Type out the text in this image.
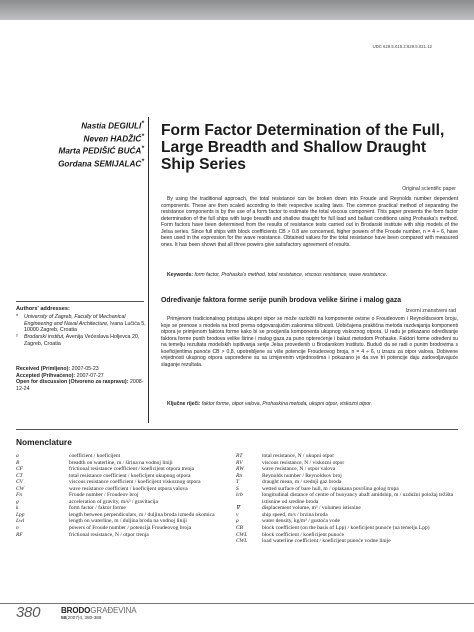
UDC 629.5.015.2:629.5.021.12
Nastia DEGIULI*
Neven HADŽIĆ*
Marta PEDIŠIĆ BUĆA*
Gordana SEMIJALAC*
Form Factor Determination of the Full, Large Breadth and Shallow Draught Ship Series
Original scientific paper
By using the traditional approach, the total resistance can be broken down into Froude and Reynolds number dependent components. These are then scaled according to their respective scaling laws. The common practical method of separating the resistance components is by the use of a form factor to estimate the total viscous component. This paper presents the form factor determination of the full ships with large breadth and shallow draught for full load and ballast conditions using Prohaska's method. Form factors have been determined from the results of resistance tests carried out in Brodarski institute with ship models of the Jelsa series. Since full ships with block coefficients CB > 0.8 are concerned, higher powers of the Froude number, n = 4 ÷ 6, have been used in the expression for the wave resistance. Obtained values for the total resistance have been compared with measured ones. It has been shown that all three powers give satisfactory agreement of results.
Keywords: form factor, Prohaska's method, total resistance, viscous resistance, wave resistance.
Određivanje faktora forme serije punih brodova velike širine i malog gaza
Izvorni znanstveni rad
Primjenom tradicionalnog pristupa ukupni otpor se može razložiti na komponente ovisne o Froudeovom i Reynoldsovom broju, koje se prenose s modela na brod prema odgovarajućim zakonima sličnosti. Uobičajena praktična metoda razdvajanja komponenti otpora je primjenom faktora forme kako bi se procijenila komponenta ukupnog viskoznog otpora. U radu je prikazano određivanje faktora forme punih brodova velike širine i malog gaza za puno opterećenje i balast metodom Prohaske. Faktori forme određeni su na temelju rezultata modelskih ispitivanja serije Jelsa provedenih u Brodarskom institutu. Budući da se radi o punim brodovima s koeficijentima punoće CB > 0,8, upotrebljene su više potencije Froudeovog broja, n = 4 ÷ 6, u izrazu za otpor valova. Dobivene vrijednosti ukupnog otpora uspoređene su sa izmjerenim vrijednostima i pokazano je da sve tri potencije daju zadovoljavajuće slaganje rezultata.
Ključne riječi: faktor forme, otpor valova, Prohaskina metoda, ukupni otpor, viskozni otpor.
Authors' addresses:
*	University of Zagreb, Faculty of Mechanical Engineering and Naval Architecture, Ivana Lučića 5, 10000 Zagreb, Croatia
²	Brodarski institut, Avenija Većeslava Holjevca 20, Zagreb, Croatia
Received (Primljeno): 2007-05-23
Accepted (Prihvaćeno): 2007-07-27
Open for discussion (Otvoreno za raspravu): 2008-12-24
Nomenclature
a	coefficient / koeficijent
B	breadth on waterline, m / širina na vodnoj liniji
CF	frictional resistance coefficient / koeficijent otpora trenja
CT	total resistance coefficient / koeficijent ukupnog otpora
CV	viscous resistance coefficient / koeficijent viskoznog otpora
CW	wave resistance coefficient / koeficijent otpora valova
Fn	Froude number / Froudeov broj
g	acceleration of gravity, m/s² / gravitacija
k	form factor / faktor forme
Lpp	length between perpendiculars, m / duljina broda između okomica
Lwl	length on waterline, m / duljina broda na vodnoj liniji
n	powers of Froude number / potencija Froudeovog broja
RF	frictional resistance, N / otpor trenja
RT	total resistance, N / ukupni otpor
RV	viscous resistance, N / viskozni otpor
RW	wave resistance, N / otpor valova
Rn	Reynolds number / Reynoldsov broj
T	draught mean, m / srednji gaz broda
S	wetted surface of bare hull, m / oplakana površina golog trupa
lcb	longitudinal distance of centre of buoyancy abaft amidship, m / uzdužni položaj težišta istisnine od sredine broda
∇	displacement volume, m³ / volumen istisnine
v	ship speed, m/s / brzina broda
ρ	water density, kg/m³ / gustoća vode
CB	block coefficient (on the basis of Lpp) / koeficijent punoće (na temelju Lpp)
CWL	block coefficient / koeficijent punoće
CWL	load waterline coefficient / koeficijent punoće vodne linije
380	BRODOGRAĐEVINA
58(2007)4, 380-388
